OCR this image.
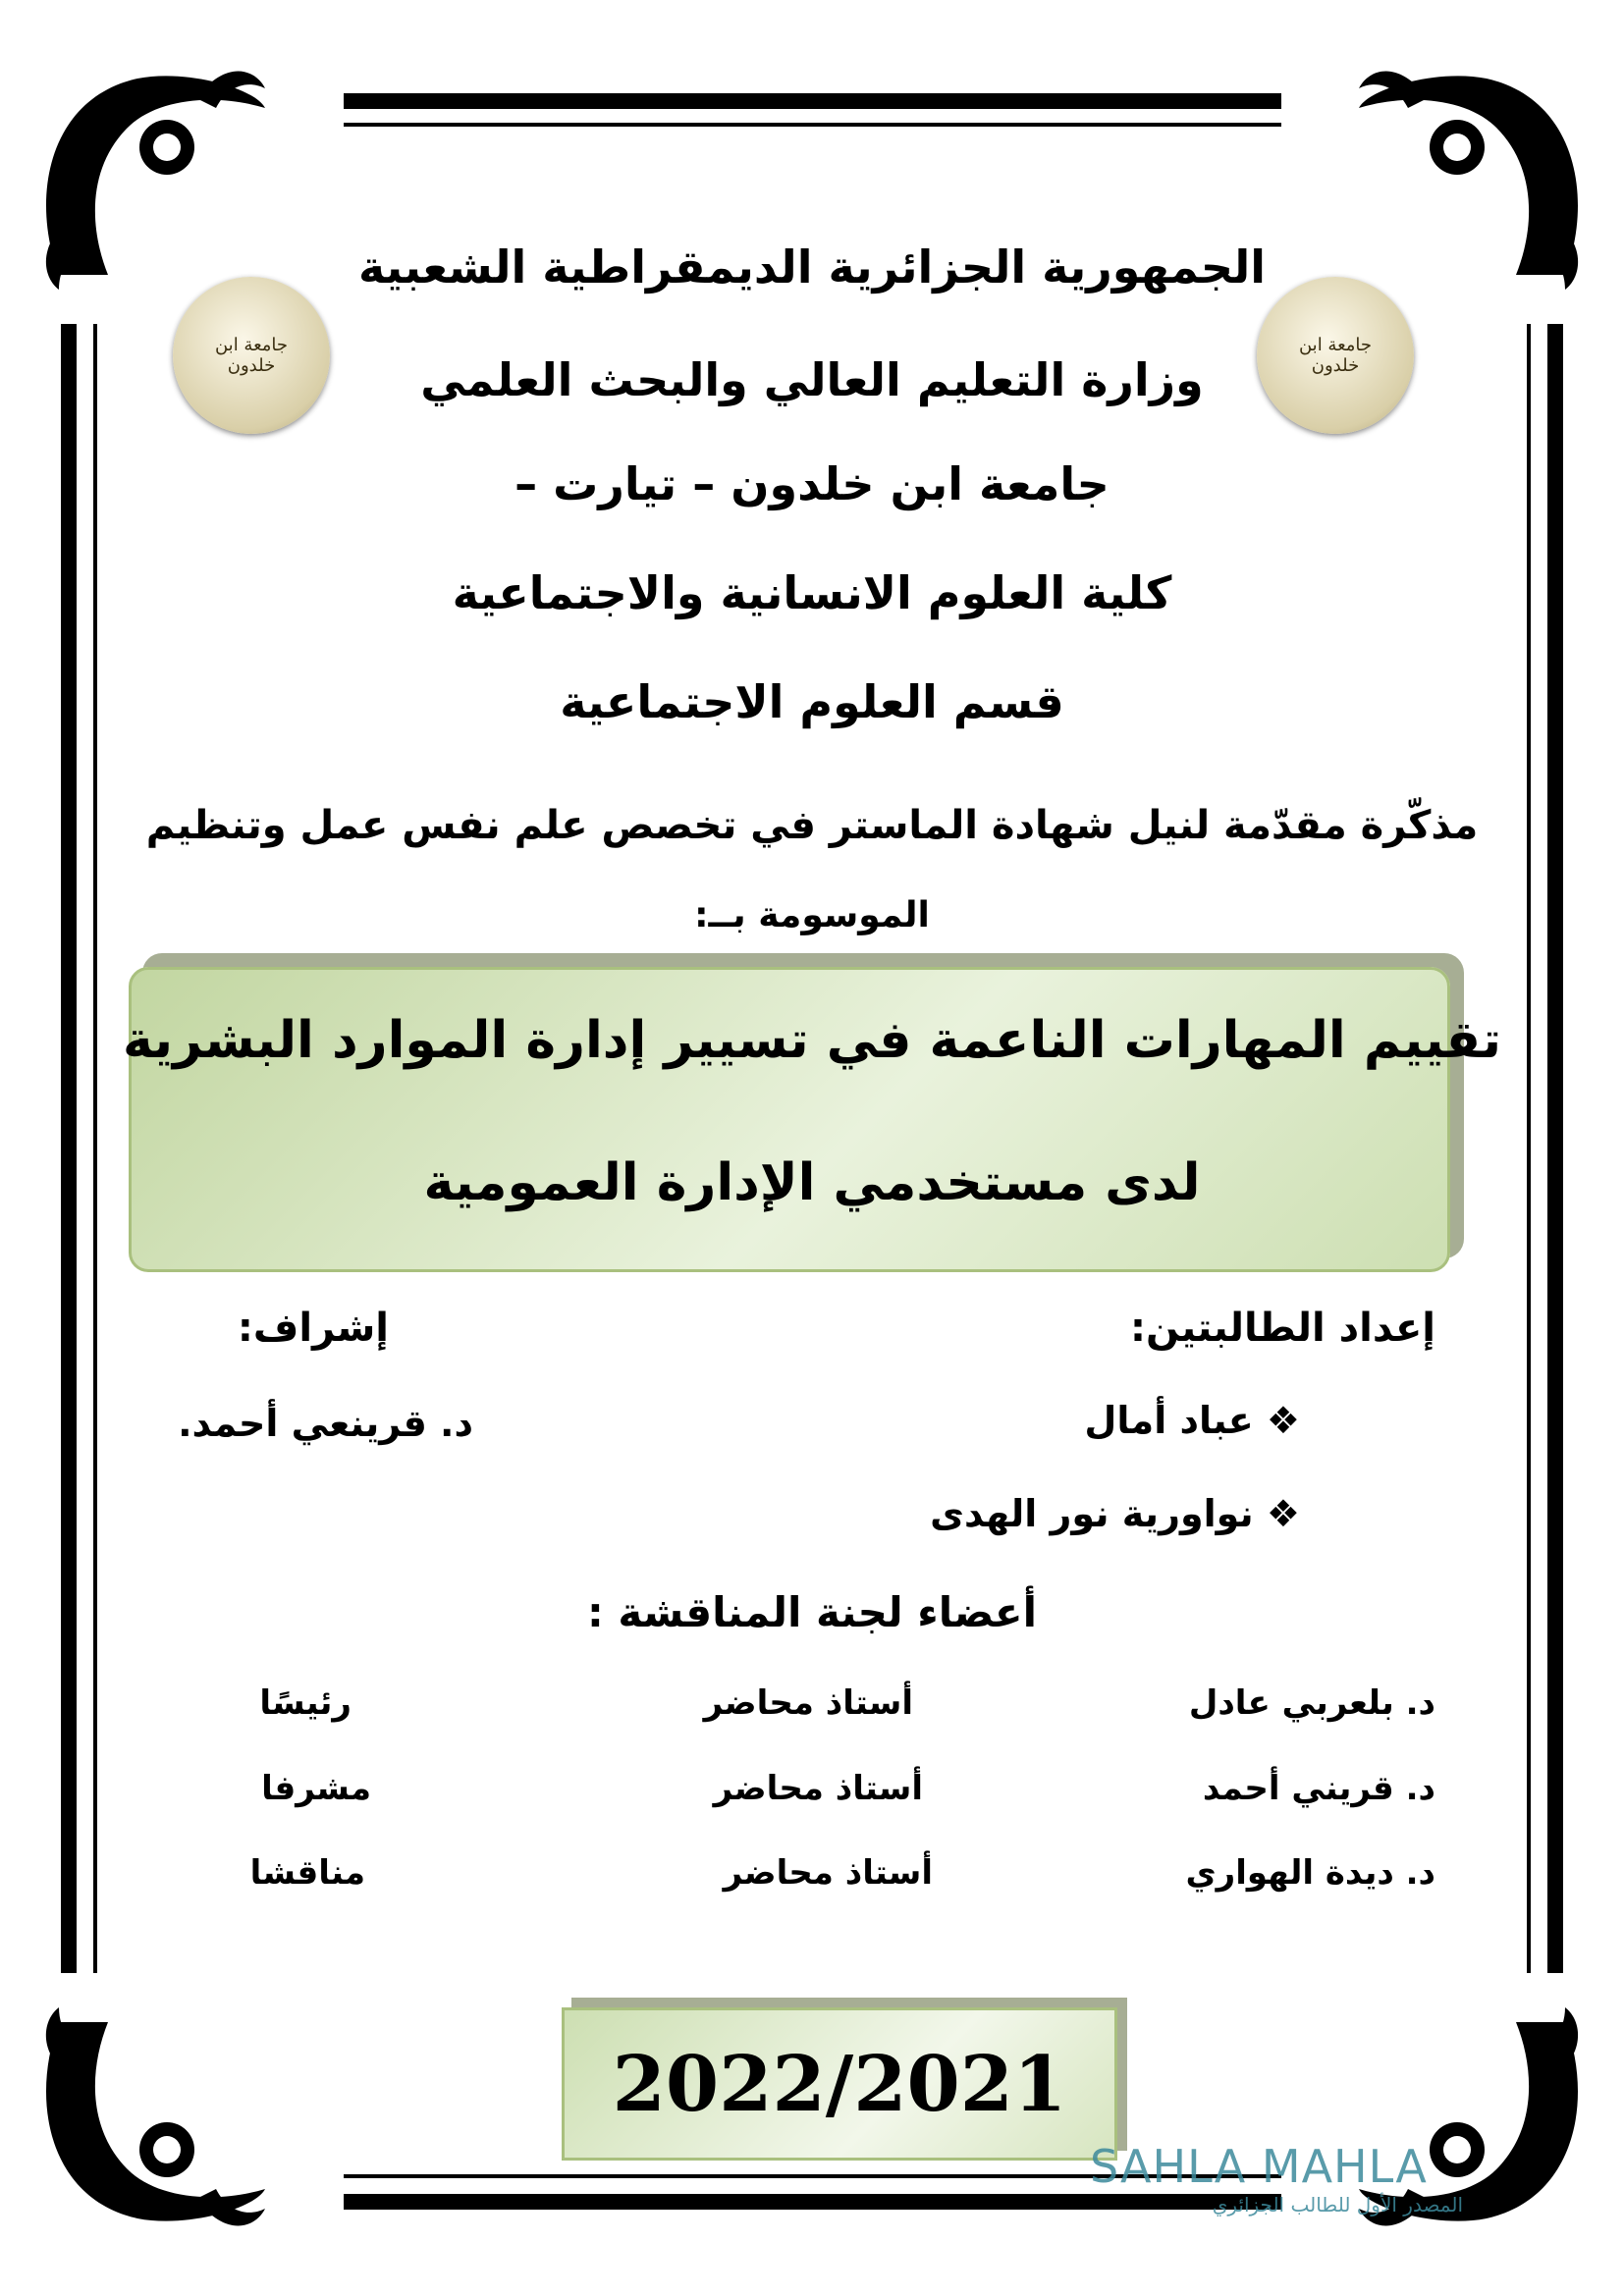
جامعة ابن خلدون
جامعة ابن خلدون
الجمهورية الجزائرية الديمقراطية الشعبية
وزارة التعليم العالي والبحث العلمي
جامعة ابن خلدون – تيارت –
كلية العلوم الانسانية والاجتماعية
قسم العلوم الاجتماعية
مذكّرة مقدّمة لنيل شهادة الماستر في تخصص علم نفس عمل وتنظيم
الموسومة بــ:
تقييم المهارات الناعمة في تسيير إدارة الموارد البشرية
لدى مستخدمي الإدارة العمومية
إعداد الطالبتين:
إشراف:
❖ عباد أمال
❖ نواورية نور الهدى
د. قرينعي أحمد.
أعضاء لجنة المناقشة :
د. بلعربي عادل
أستاذ محاضر
رئيسًا
د. قريني أحمد
أستاذ محاضر
مشرفا
د. ديدة الهواري
أستاذ محاضر
مناقشا
2022/2021
SAHLA MAHLA
المصدر الأول للطالب الجزائري
